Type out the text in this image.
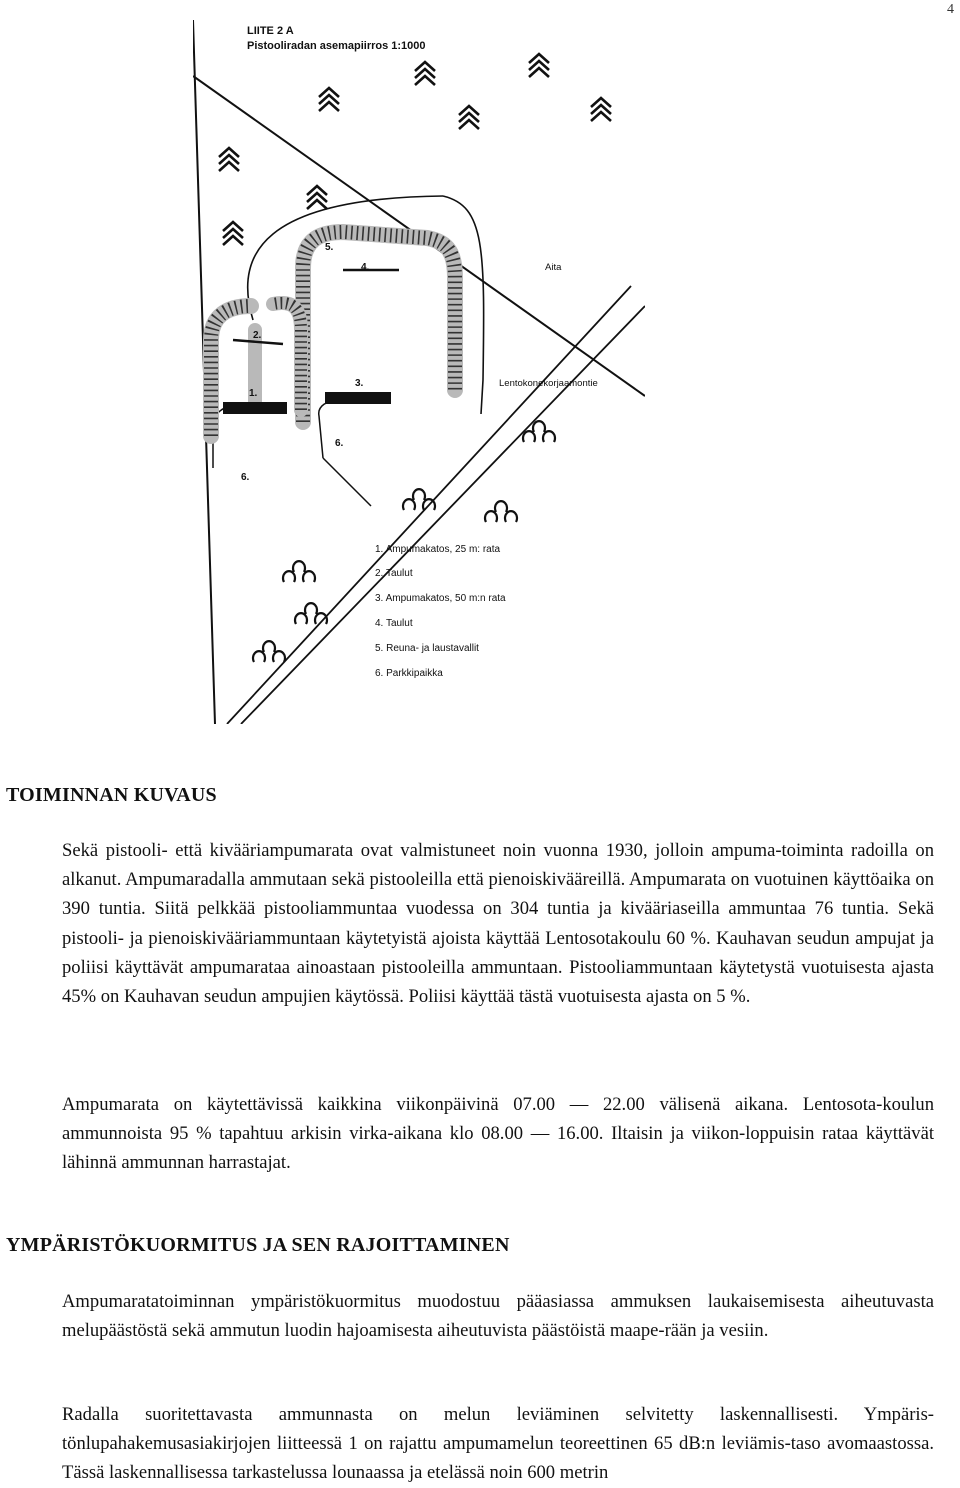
4
LIITE 2 A
Pistooliradan asemapiirros 1:1000
1.
2.
3.
4.
5.
6.
6.
Aita
Lentokonekorjaamontie
1. Ampumakatos, 25 m: rata
2. Taulut
3. Ampumakatos, 50 m:n rata
4. Taulut
5. Reuna- ja laustavallit
6. Parkkipaikka
TOIMINNAN KUVAUS

Sekä pistooli- että kivääriampumarata ovat valmistuneet noin vuonna 1930, jolloin ampuma-toiminta radoilla on alkanut. Ampumaradalla ammutaan sekä pistooleilla että pienoiskivääreillä. Ampumarata on vuotuinen käyttöaika on 390 tuntia. Siitä pelkkää pistooliammuntaa vuodessa on 304 tuntia ja kivääriaseilla ammuntaa 76 tuntia. Sekä pistooli- ja pienoiskivääriammuntaan käytetyistä ajoista käyttää Lentosotakoulu 60 %. Kauhavan seudun ampujat ja poliisi käyttävät ampumarataa ainoastaan pistooleilla ammuntaan. Pistooliammuntaan käytetystä vuotuisesta ajasta 45% on Kauhavan seudun ampujien käytössä. Poliisi käyttää tästä vuotuisesta ajasta on 5 %.

Ampumarata on käytettävissä kaikkina viikonpäivinä 07.00 — 22.00 välisenä aikana. Lentosota-koulun ammunnoista 95 % tapahtuu arkisin virka-aikana klo 08.00 — 16.00. Iltaisin ja viikon-loppuisin rataa käyttävät lähinnä ammunnan harrastajat.

YMPÄRISTÖKUORMITUS JA SEN RAJOITTAMINEN

Ampumaratatoiminnan ympäristökuormitus muodostuu pääasiassa ammuksen laukaisemisesta aiheutuvasta melupäästöstä sekä ammutun luodin hajoamisesta aiheutuvista päästöistä maape-rään ja vesiin.

Radalla suoritettavasta ammunnasta on melun leviäminen selvitetty laskennallisesti. Ympäris-tönlupahakemusasiakirjojen liitteessä 1 on rajattu ampumamelun teoreettinen 65 dB:n leviämis-taso avomaastossa. Tässä laskennallisessa tarkastelussa lounaassa ja etelässä noin 600 metrin
